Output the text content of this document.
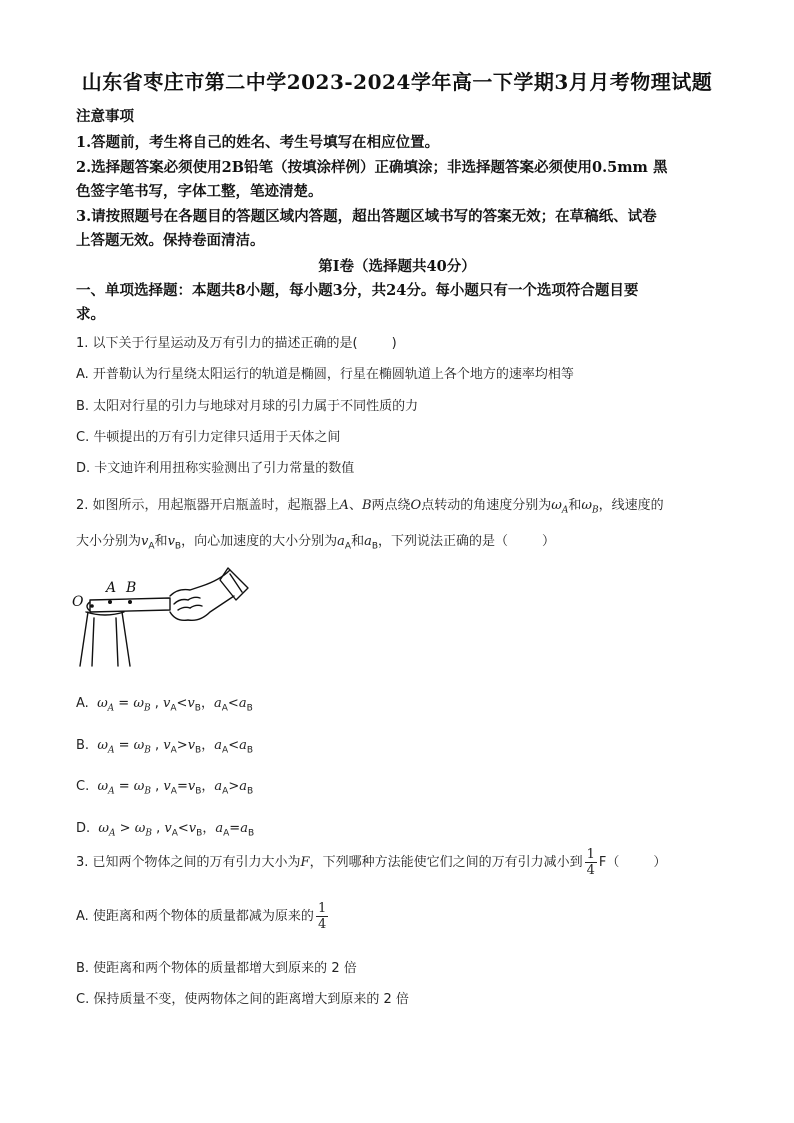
山东省枣庄市第二中学2023-2024学年高一下学期3月月考物理试题
注意事项
1.答题前，考生将自己的姓名、考生号填写在相应位置。
2.选择题答案必须使用2B铅笔（按填涂样例）正确填涂；非选择题答案必须使用0.5mm 黑
色签字笔书写，字体工整，笔迹清楚。
3.请按照题号在各题目的答题区域内答题，超出答题区域书写的答案无效；在草稿纸、试卷
上答题无效。保持卷面清洁。
第Ⅰ卷（选择题共40分）
一、单项选择题：本题共8小题，每小题3分，共24分。每小题只有一个选项符合题目要
求。
1. 以下关于行星运动及万有引力的描述正确的是(	)
A. 开普勒认为行星绕太阳运行的轨道是椭圆，行星在椭圆轨道上各个地方的速率均相等
B. 太阳对行星的引力与地球对月球的引力属于不同性质的力
C. 牛顿提出的万有引力定律只适用于天体之间
D. 卡文迪许利用扭称实验测出了引力常量的数值
2. 如图所示，用起瓶器开启瓶盖时，起瓶器上A、B两点绕O点转动的角速度分别为$\omega_A$和$\omega_B$，线速度的
大小分别为$v_A$和$v_B$，向心加速度的大小分别为$a_A$和$a_B$，下列说法正确的是（	）
O
A B
A. $\omega_A = \omega_B$ , $v_A<v_B$，$a_A<a_B$
B. $\omega_A = \omega_B$ , $v_A>v_B$，$a_A<a_B$
C. $\omega_A = \omega_B$ , $v_A=v_B$，$a_A>a_B$
D. $\omega_A > \omega_B$ , $v_A<v_B$，$a_A=a_B$
3. 已知两个物体之间的万有引力大小为F，下列哪种方法能使它们之间的万有引力减小到 $\frac{1}{4} F$（	）
A. 使距离和两个物体的质量都减为原来的 $\frac{1}{4}$
B. 使距离和两个物体的质量都增大到原来的 2 倍
C. 保持质量不变，使两物体之间的距离增大到原来的 2 倍
